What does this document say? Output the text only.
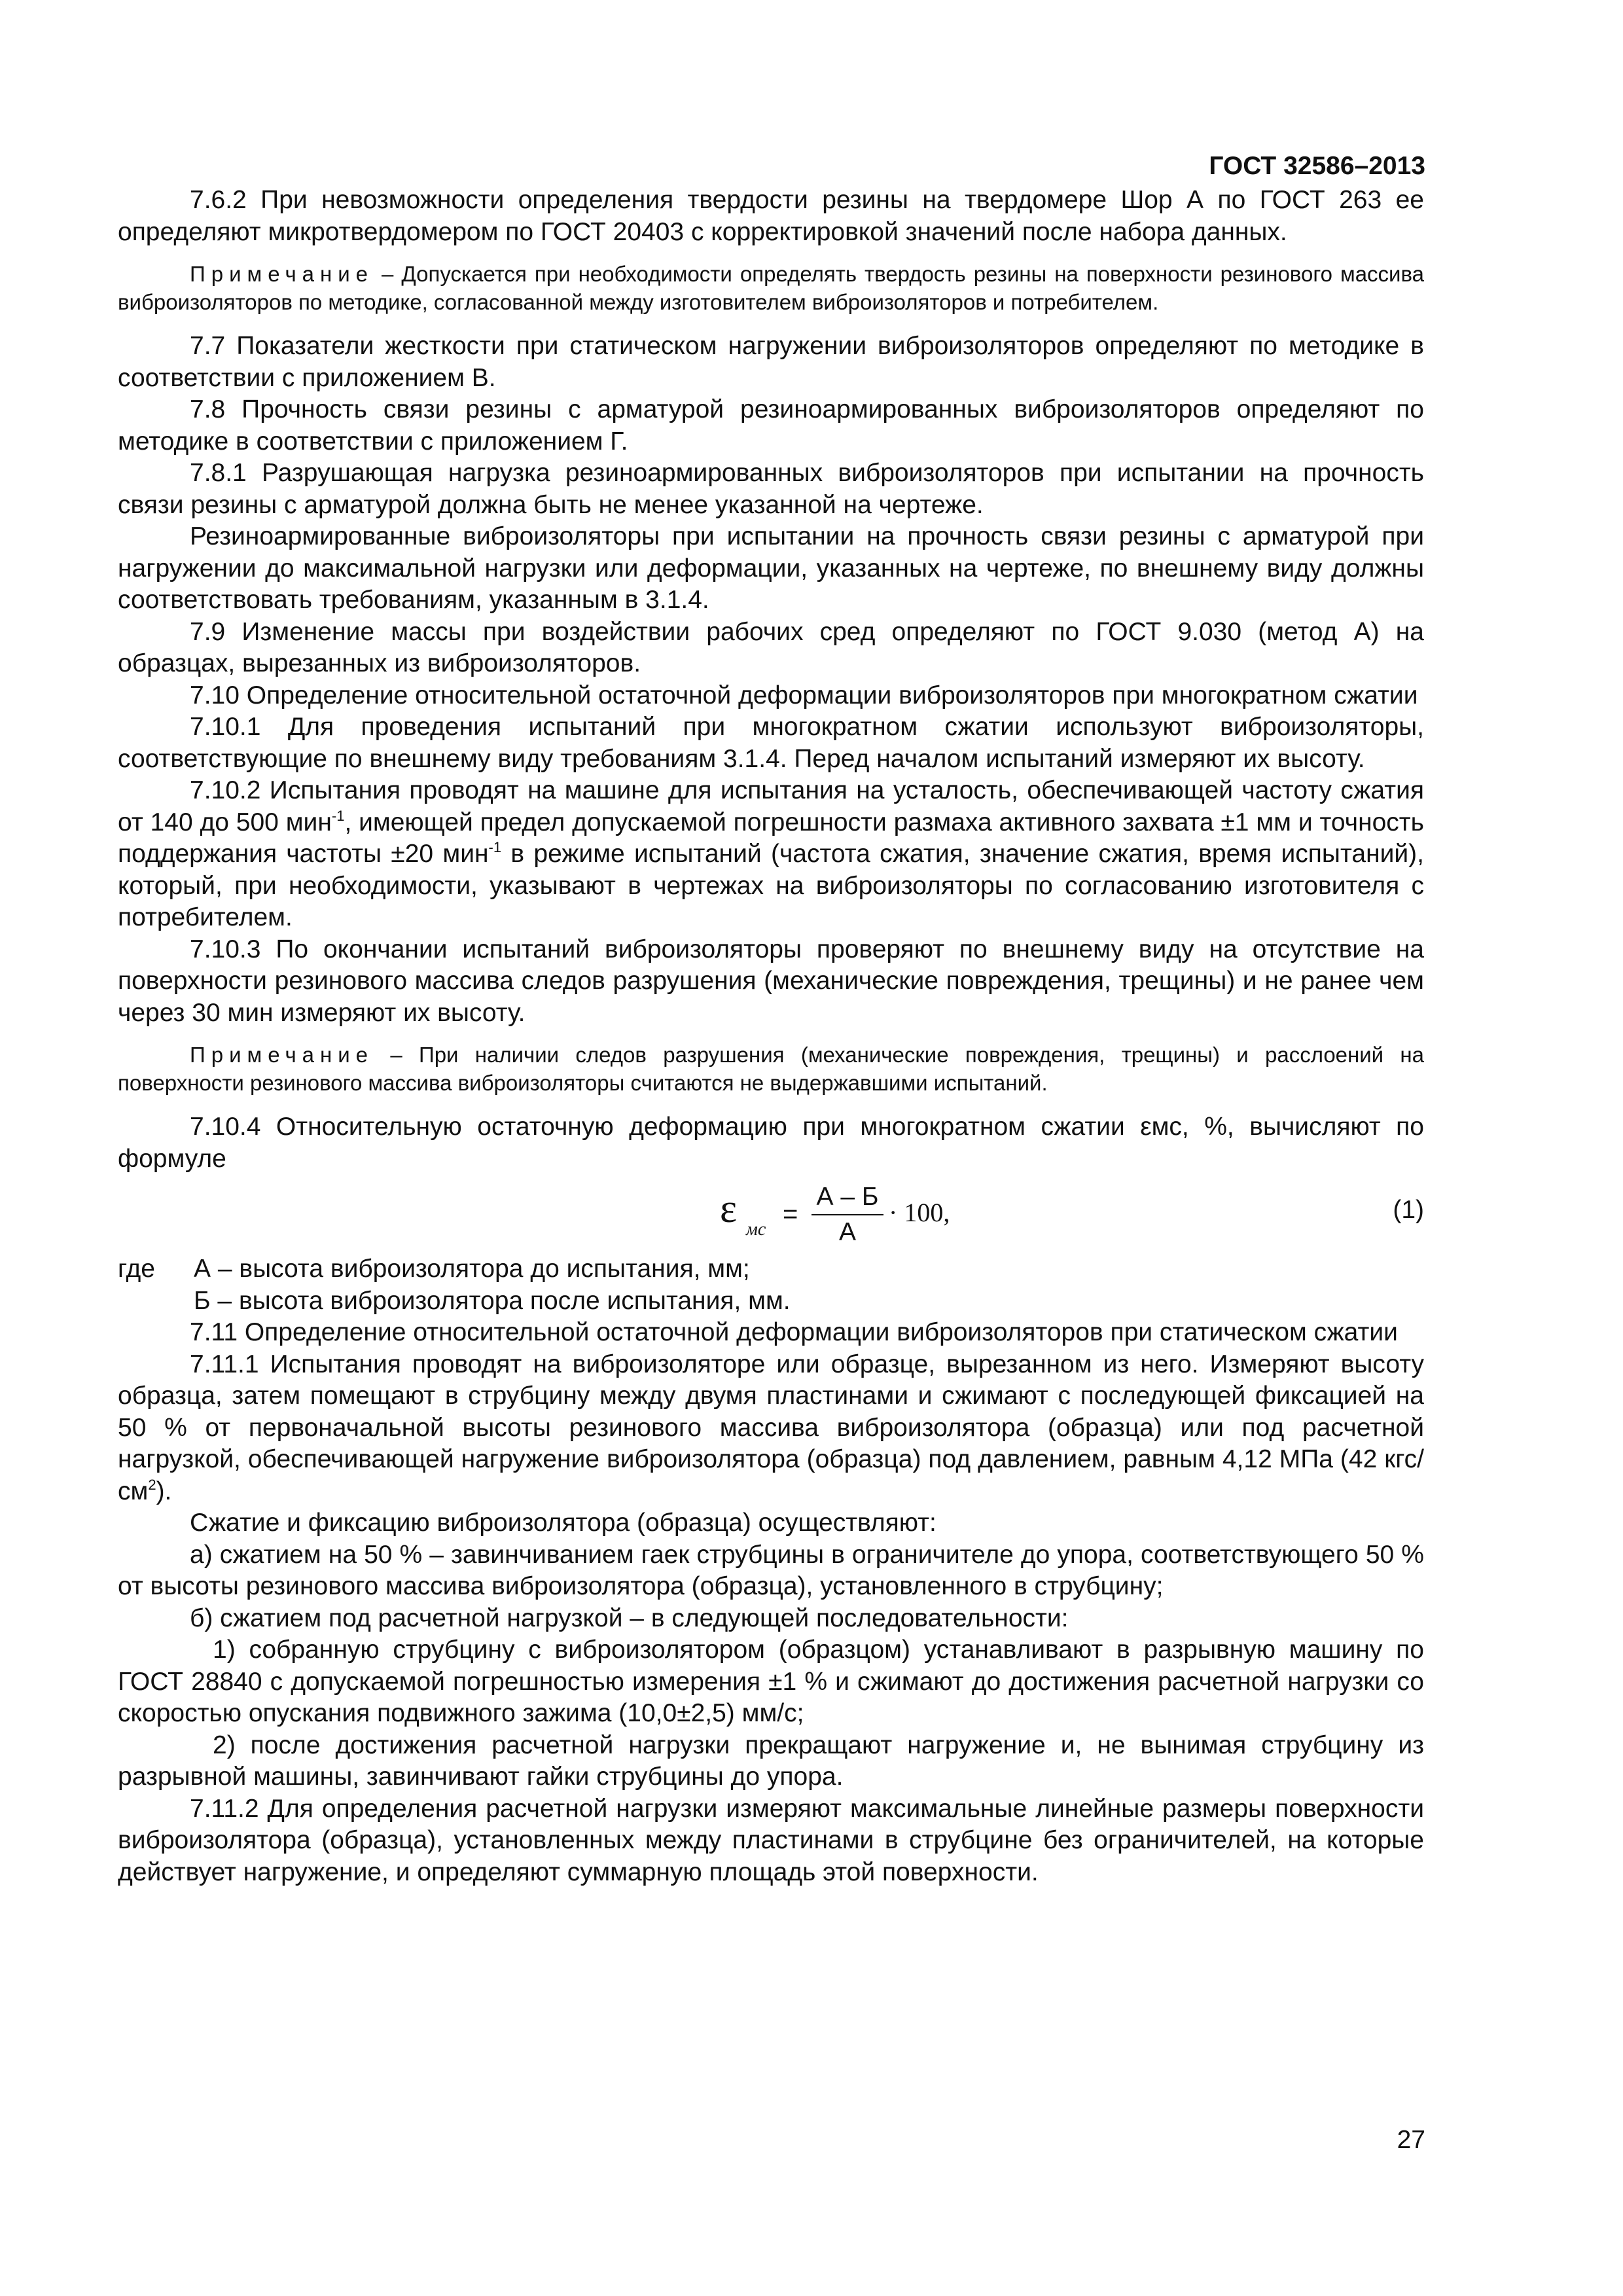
ГОСТ 32586–2013

7.6.2 При невозможности определения твердости резины на твердомере Шор А по ГОСТ 263 ее определяют микротвердомером по ГОСТ 20403 с корректировкой значений после набора данных.

Примечание – Допускается при необходимости определять твердость резины на поверхности резинового массива виброизоляторов по методике, согласованной между изготовителем виброизоляторов и потребителем.

7.7 Показатели жесткости при статическом нагружении виброизоляторов определяют по методике в соответствии с приложением В.

7.8 Прочность связи резины с арматурой резиноармированных виброизоляторов определяют по методике в соответствии с приложением Г.

7.8.1 Разрушающая нагрузка резиноармированных виброизоляторов при испытании на прочность связи резины с арматурой должна быть не менее указанной на чертеже.

Резиноармированные виброизоляторы при испытании на прочность связи резины с арматурой при нагружении до максимальной нагрузки или деформации, указанных на чертеже, по внешнему виду должны соответствовать требованиям, указанным в 3.1.4.

7.9 Изменение массы при воздействии рабочих сред определяют по ГОСТ 9.030 (метод А) на образцах, вырезанных из виброизоляторов.

7.10 Определение относительной остаточной деформации виброизоляторов при многократном сжатии

7.10.1 Для проведения испытаний при многократном сжатии используют виброизоляторы, соответствующие по внешнему виду требованиям 3.1.4. Перед началом испытаний измеряют их высоту.

7.10.2 Испытания проводят на машине для испытания на усталость, обеспечивающей частоту сжатия от 140 до 500 мин$^{-1}$, имеющей предел допускаемой погрешности размаха активного захвата ±1 мм и точность поддержания частоты ±20 мин$^{-1}$ в режиме испытаний (частота сжатия, значение сжатия, время испытаний), который, при необходимости, указывают в чертежах на виброизоляторы по согласованию изготовителя с потребителем.

7.10.3 По окончании испытаний виброизоляторы проверяют по внешнему виду на отсутствие на поверхности резинового массива следов разрушения (механические повреждения, трещины) и не ранее чем через 30 мин измеряют их высоту.

Примечание – При наличии следов разрушения (механические повреждения, трещины) и расслоений на поверхности резинового массива виброизоляторы считаются не выдержавшими испытаний.

7.10.4 Относительную остаточную деформацию при многократном сжатии εмс, %, вычисляют по формуле

ε мс
=
А – Б
А
· 100,	(1)
где	А – высота виброизолятора до испытания, мм;

Б – высота виброизолятора после испытания, мм.

7.11 Определение относительной остаточной деформации виброизоляторов при статическом сжатии

7.11.1 Испытания проводят на виброизоляторе или образце, вырезанном из него. Измеряют высоту образца, затем помещают в струбцину между двумя пластинами и сжимают с последующей фиксацией на 50 % от первоначальной высоты резинового массива виброизолятора (образца) или под расчетной нагрузкой, обеспечивающей нагружение виброизолятора (образца) под давлением, равным 4,12 МПа (42 кгс/$см^2$).

Сжатие и фиксацию виброизолятора (образца) осуществляют:

а) сжатием на 50 % – завинчиванием гаек струбцины в ограничителе до упора, соответствующего 50 % от высоты резинового массива виброизолятора (образца), установленного в струбцину;

б) сжатием под расчетной нагрузкой – в следующей последовательности:

1) собранную струбцину с виброизолятором (образцом) устанавливают в разрывную машину по ГОСТ 28840 с допускаемой погрешностью измерения ±1 % и сжимают до достижения расчетной нагрузки со скоростью опускания подвижного зажима (10,0±2,5) мм/с;

2) после достижения расчетной нагрузки прекращают нагружение и, не вынимая струбцину из разрывной машины, завинчивают гайки струбцины до упора.

7.11.2 Для определения расчетной нагрузки измеряют максимальные линейные размеры поверхности виброизолятора (образца), установленных между пластинами в струбцине без ограничителей, на которые действует нагружение, и определяют суммарную площадь этой поверхности.

27
